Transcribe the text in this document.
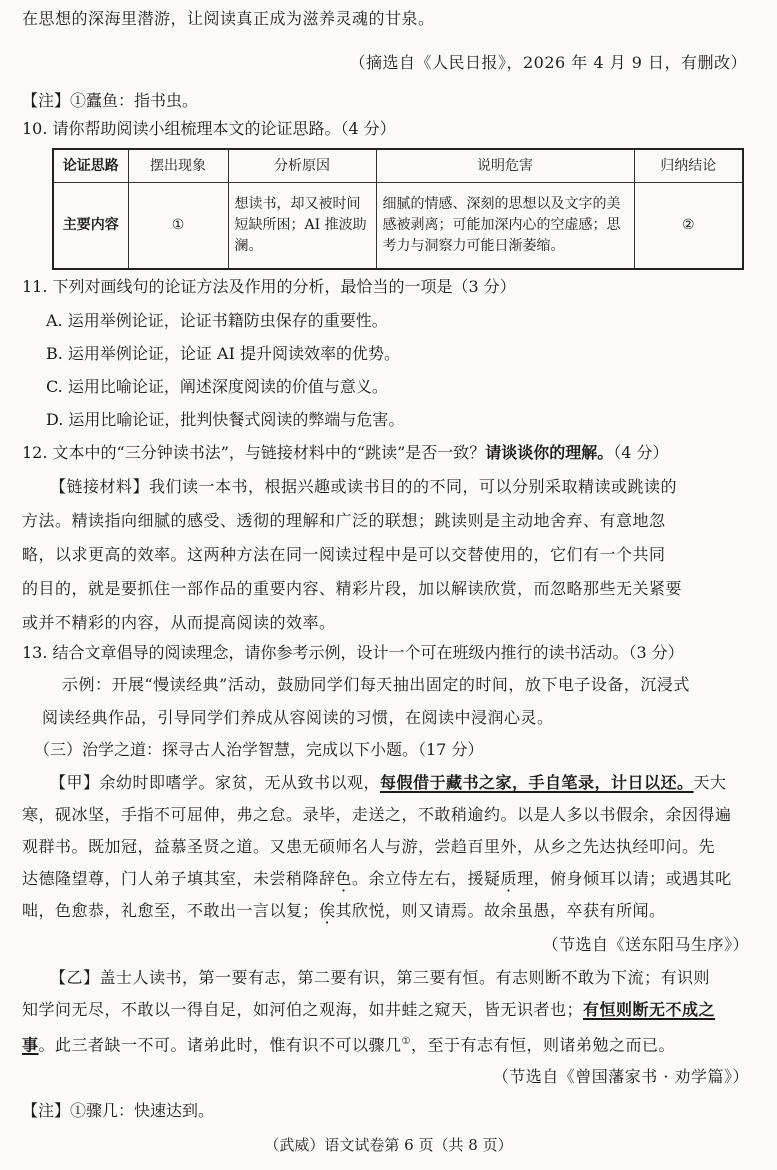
在思想的深海里潜游，让阅读真正成为滋养灵魂的甘泉。
（摘选自《人民日报》，2026 年 4 月 9 日，有删改）
【注】①蠹鱼：指书虫。
10. 请你帮助阅读小组梳理本文的论证思路。（4 分）
论证思路	摆出现象	分析原因	说明危害	归纳结论
主要内容	①	想读书，却又被时间短缺所困；AI 推波助澜。	细腻的情感、深刻的思想以及文字的美感被剥离；可能加深内心的空虚感；思考力与洞察力可能日渐萎缩。	②
11. 下列对画线句的论证方法及作用的分析，最恰当的一项是（3 分）
A. 运用举例论证，论证书籍防虫保存的重要性。
B. 运用举例论证，论证 AI 提升阅读效率的优势。
C. 运用比喻论证，阐述深度阅读的价值与意义。
D. 运用比喻论证，批判快餐式阅读的弊端与危害。
12. 文本中的“三分钟读书法”，与链接材料中的“跳读”是否一致？请谈谈你的理解。（4 分）
【链接材料】我们读一本书，根据兴趣或读书目的的不同，可以分别采取精读或跳读的
方法。精读指向细腻的感受、透彻的理解和广泛的联想；跳读则是主动地舍弃、有意地忽
略，以求更高的效率。这两种方法在同一阅读过程中是可以交替使用的，它们有一个共同
的目的，就是要抓住一部作品的重要内容、精彩片段，加以解读欣赏，而忽略那些无关紧要
或并不精彩的内容，从而提高阅读的效率。
13. 结合文章倡导的阅读理念，请你参考示例，设计一个可在班级内推行的读书活动。（3 分）
示例：开展“慢读经典”活动，鼓励同学们每天抽出固定的时间，放下电子设备，沉浸式
阅读经典作品，引导同学们养成从容阅读的习惯，在阅读中浸润心灵。
（三）治学之道：探寻古人治学智慧，完成以下小题。（17 分）
【甲】余幼时即嗜学。家贫，无从致书以观，每假借于藏书之家，手自笔录，计日以还。天大
寒，砚冰坚，手指不可屈伸，弗之怠。录毕，走送之，不敢稍逾约。以是人多以书假余，余因得遍
观群书。既加冠，益慕圣贤之道。又患无硕师名人与游，尝趋百里外，从乡之先达执经叩问。先
达德隆望尊，门人弟子填其室，未尝稍降辞色。余立侍左右，援疑质理，俯身倾耳以请；或遇其叱
咄，色愈恭，礼愈至，不敢出一言以复；俟其欣悦，则又请焉。故余虽愚，卒获有所闻。
（节选自《送东阳马生序》）
【乙】盖士人读书，第一要有志，第二要有识，第三要有恒。有志则断不敢为下流；有识则
知学问无尽，不敢以一得自足，如河伯之观海，如井蛙之窥天，皆无识者也；有恒则断无不成之
事。此三者缺一不可。诸弟此时，惟有识不可以骤几①，至于有志有恒，则诸弟勉之而已。
（节选自《曾国藩家书 · 劝学篇》）
【注】①骤几：快速达到。
（武威）语文试卷第 6 页（共 8 页）
